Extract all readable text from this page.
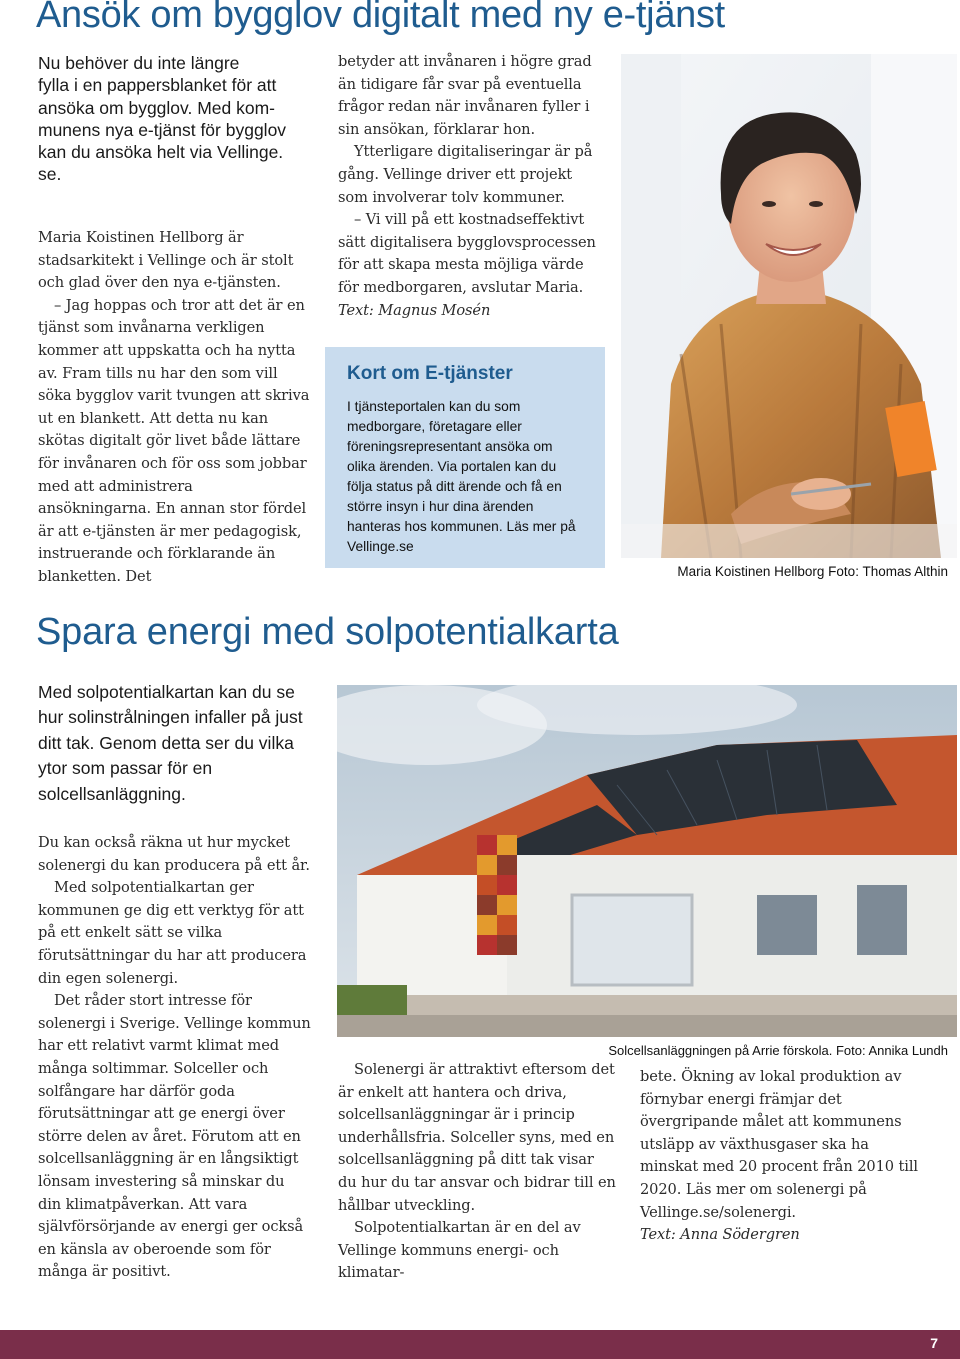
Ansök om bygglov digitalt med ny e-tjänst
Nu behöver du inte längre
fylla i en pappersblanket för att
ansöka om bygglov. Med kom-
munens nya e-tjänst för bygglov
kan du ansöka helt via Vellinge.
se.

Maria Koistinen Hellborg är stadsarkitekt i Vellinge och är stolt och glad över den nya e-tjänsten.

– Jag hoppas och tror att det är en tjänst som invånarna verkligen kommer att uppskatta och ha nytta av. Fram tills nu har den som vill söka bygglov varit tvungen att skriva ut en blankett. Att detta nu kan skötas digitalt gör livet både lättare för invånaren och för oss som jobbar med att administrera ansökningarna. En annan stor fördel är att e-tjänsten är mer pedagogisk, instruerande och förklarande än blanketten. Det

betyder att invånaren i högre grad än tidigare får svar på eventuella frågor redan när invånaren fyller i sin ansökan, förklarar hon.

Ytterligare digitaliseringar är på gång. Vellinge driver ett projekt som involverar tolv kommuner.

– Vi vill på ett kostnadseffektivt sätt digitalisera bygglovsprocessen för att skapa mesta möjliga värde för medborgaren, avslutar Maria.

Text: Magnus Mosén

Kort om E-tjänster
I tjänsteportalen kan du som medborgare, företagare eller föreningsrepresentant ansöka om olika ärenden. Via portalen kan du följa status på ditt ärende och få en större insyn i hur dina ärenden hanteras hos kommunen. Läs mer på Vellinge.se
Maria Koistinen Hellborg Foto: Thomas Althin
Spara energi med solpotentialkarta
Med solpotentialkartan kan du se hur solinstrålningen infaller på just ditt tak. Genom detta ser du vilka ytor som passar för en solcellsanläggning.
Solcellsanläggningen på Arrie förskola. Foto: Annika Lundh

Du kan också räkna ut hur mycket solenergi du kan producera på ett år.

Med solpotentialkartan ger kommunen ge dig ett verktyg för att på ett enkelt sätt se vilka förutsättningar du har att producera din egen solenergi.

Det råder stort intresse för solenergi i Sverige. Vellinge kommun har ett relativt varmt klimat med många soltimmar. Solceller och solfångare har därför goda förutsättningar att ge energi över större delen av året. Förutom att en solcellsanläggning är en långsiktigt lönsam investering så minskar du din klimatpåverkan. Att vara självförsörjande av energi ger också en känsla av oberoende som för många är positivt.

Solenergi är attraktivt eftersom det är enkelt att hantera och driva, solcellsanläggningar är i princip underhållsfria. Solceller syns, med en solcellsanläggning på ditt tak visar du hur du tar ansvar och bidrar till en hållbar utveckling.

Solpotentialkartan är en del av Vellinge kommuns energi- och klimatar-

bete. Ökning av lokal produktion av förnybar energi främjar det övergripande målet att kommunens utsläpp av växthusgaser ska ha minskat med 20 procent från 2010 till 2020. Läs mer om solenergi på Vellinge.se/solenergi.

Text: Anna Södergren

7
